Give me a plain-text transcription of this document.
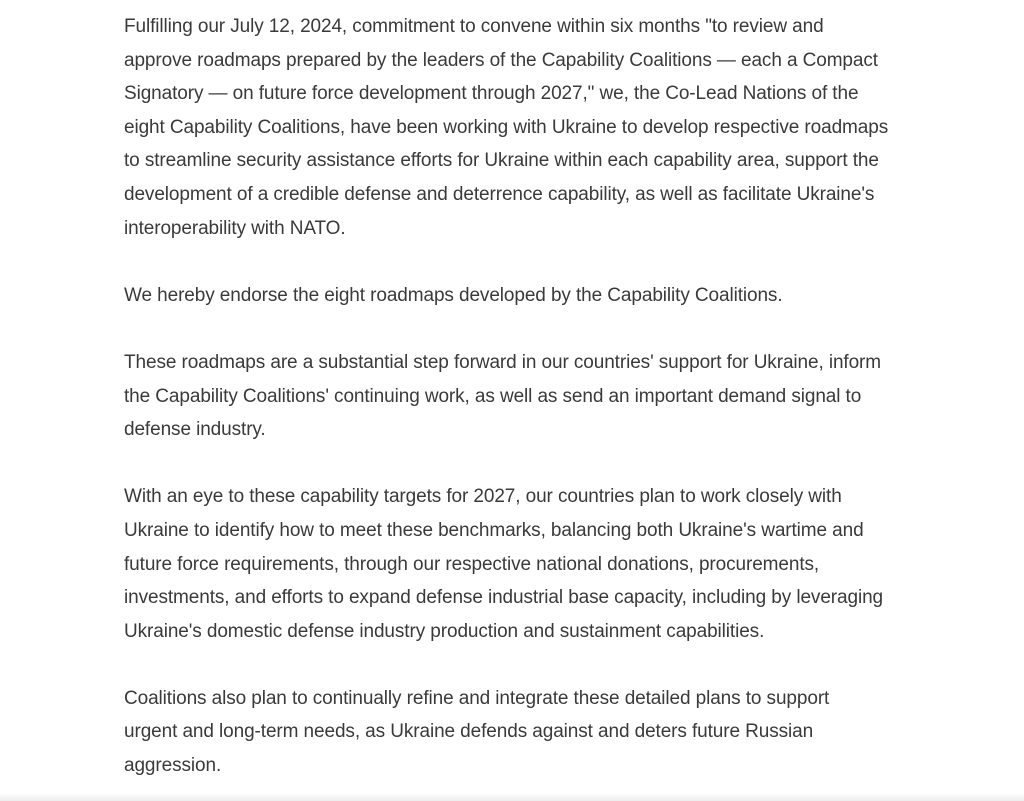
Fulfilling our July 12, 2024, commitment to convene within six months "to review and
approve roadmaps prepared by the leaders of the Capability Coalitions — each a Compact
Signatory — on future force development through 2027," we, the Co-Lead Nations of the
eight Capability Coalitions, have been working with Ukraine to develop respective roadmaps
to streamline security assistance efforts for Ukraine within each capability area, support the
development of a credible defense and deterrence capability, as well as facilitate Ukraine's
interoperability with NATO.

We hereby endorse the eight roadmaps developed by the Capability Coalitions.

These roadmaps are a substantial step forward in our countries' support for Ukraine, inform
the Capability Coalitions' continuing work, as well as send an important demand signal to
defense industry.

With an eye to these capability targets for 2027, our countries plan to work closely with
Ukraine to identify how to meet these benchmarks, balancing both Ukraine's wartime and
future force requirements, through our respective national donations, procurements,
investments, and efforts to expand defense industrial base capacity, including by leveraging
Ukraine's domestic defense industry production and sustainment capabilities.

Coalitions also plan to continually refine and integrate these detailed plans to support
urgent and long-term needs, as Ukraine defends against and deters future Russian
aggression.
